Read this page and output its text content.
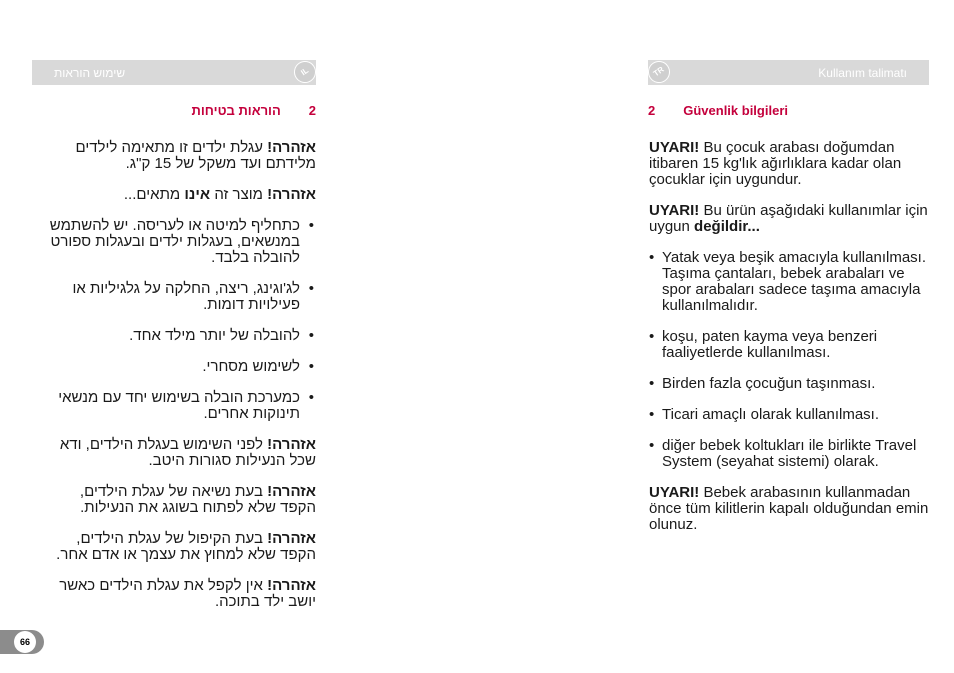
שימוש הוראות	IL	TR	Kullanım talimatı
2הוראות בטיחות	2 Güvenlik bilgileri

אזהרה! עגלת ילדים זו מתאימה לילדים מלידתם ועד משקל של 15 ק"ג.

אזהרה! מוצר זה אינו מתאים...

• כתחליף למיטה או לעריסה. יש להשתמש במנשאים, בעגלות ילדים ובעגלות ספורט להובלה בלבד.

• לג'וגינג, ריצה, החלקה על גלגיליות או פעילויות דומות.

• להובלה של יותר מילד אחד.

• לשימוש מסחרי.

• כמערכת הובלה בשימוש יחד עם מנשאי תינוקות אחרים.

אזהרה! לפני השימוש בעגלת הילדים, ודא שכל הנעילות סגורות היטב.

אזהרה! בעת נשיאה של עגלת הילדים, הקפד שלא לפתוח בשוגג את הנעילות.

אזהרה! בעת הקיפול של עגלת הילדים, הקפד שלא למחוץ את עצמך או אדם אחר.

אזהרה! אין לקפל את עגלת הילדים כאשר יושב ילד בתוכה.

UYARI! Bu çocuk arabası doğumdan itibaren 15 kg'lık ağırlıklara kadar olan çocuklar için uygundur.

UYARI! Bu ürün aşağıdaki kullanımlar için uygun değildir...

• Yatak veya beşik amacıyla kullanılması. Taşıma çantaları, bebek arabaları ve spor arabaları sadece taşıma amacıyla kullanılmalıdır.

• koşu, paten kayma veya benzeri faaliyetlerde kullanılması.

• Birden fazla çocuğun taşınması.

• Ticari amaçlı olarak kullanılması.

• diğer bebek koltukları ile birlikte Travel System (seyahat sistemi) olarak.

UYARI! Bebek arabasının kullanmadan önce tüm kilitlerin kapalı olduğundan emin olunuz.

66
